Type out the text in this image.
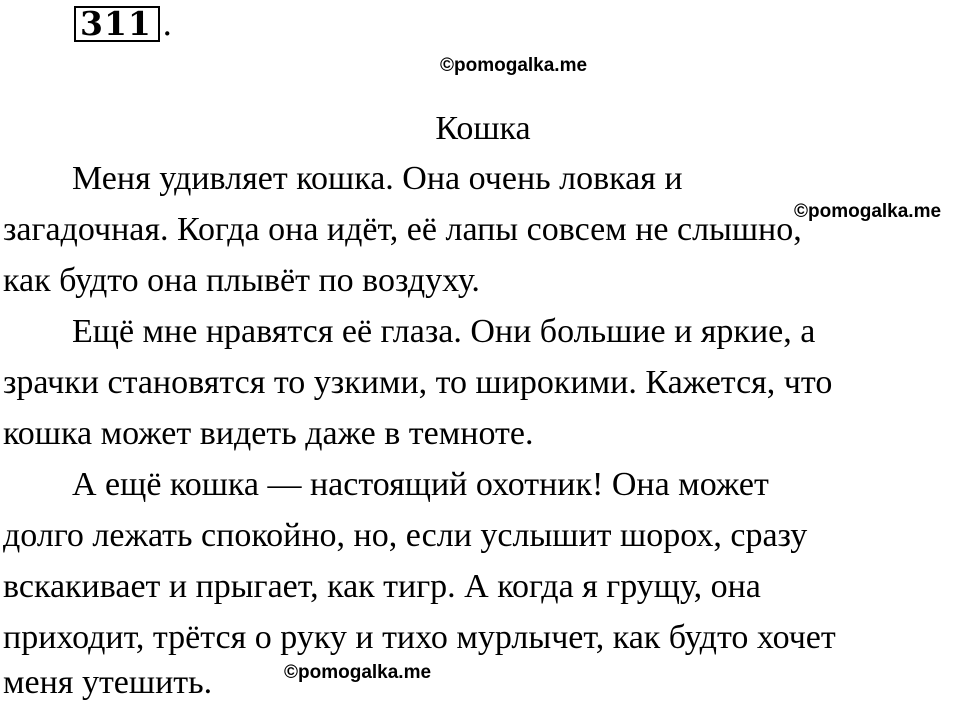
311 .
©pomogalka.me
Кошка
Меня удивляет кошка. Она очень ловкая и
загадочная. Когда она идёт, её лапы совсем не слышно,
как будто она плывёт по воздуху.
Ещё мне нравятся её глаза. Они большие и яркие, а
зрачки становятся то узкими, то широкими. Кажется, что
кошка может видеть даже в темноте.
А ещё кошка — настоящий охотник! Она может
долго лежать спокойно, но, если услышит шорох, сразу
вскакивает и прыгает, как тигр. А когда я грущу, она
приходит, трётся о руку и тихо мурлычет, как будто хочет
меня утешить.
©pomogalka.me
©pomogalka.me
